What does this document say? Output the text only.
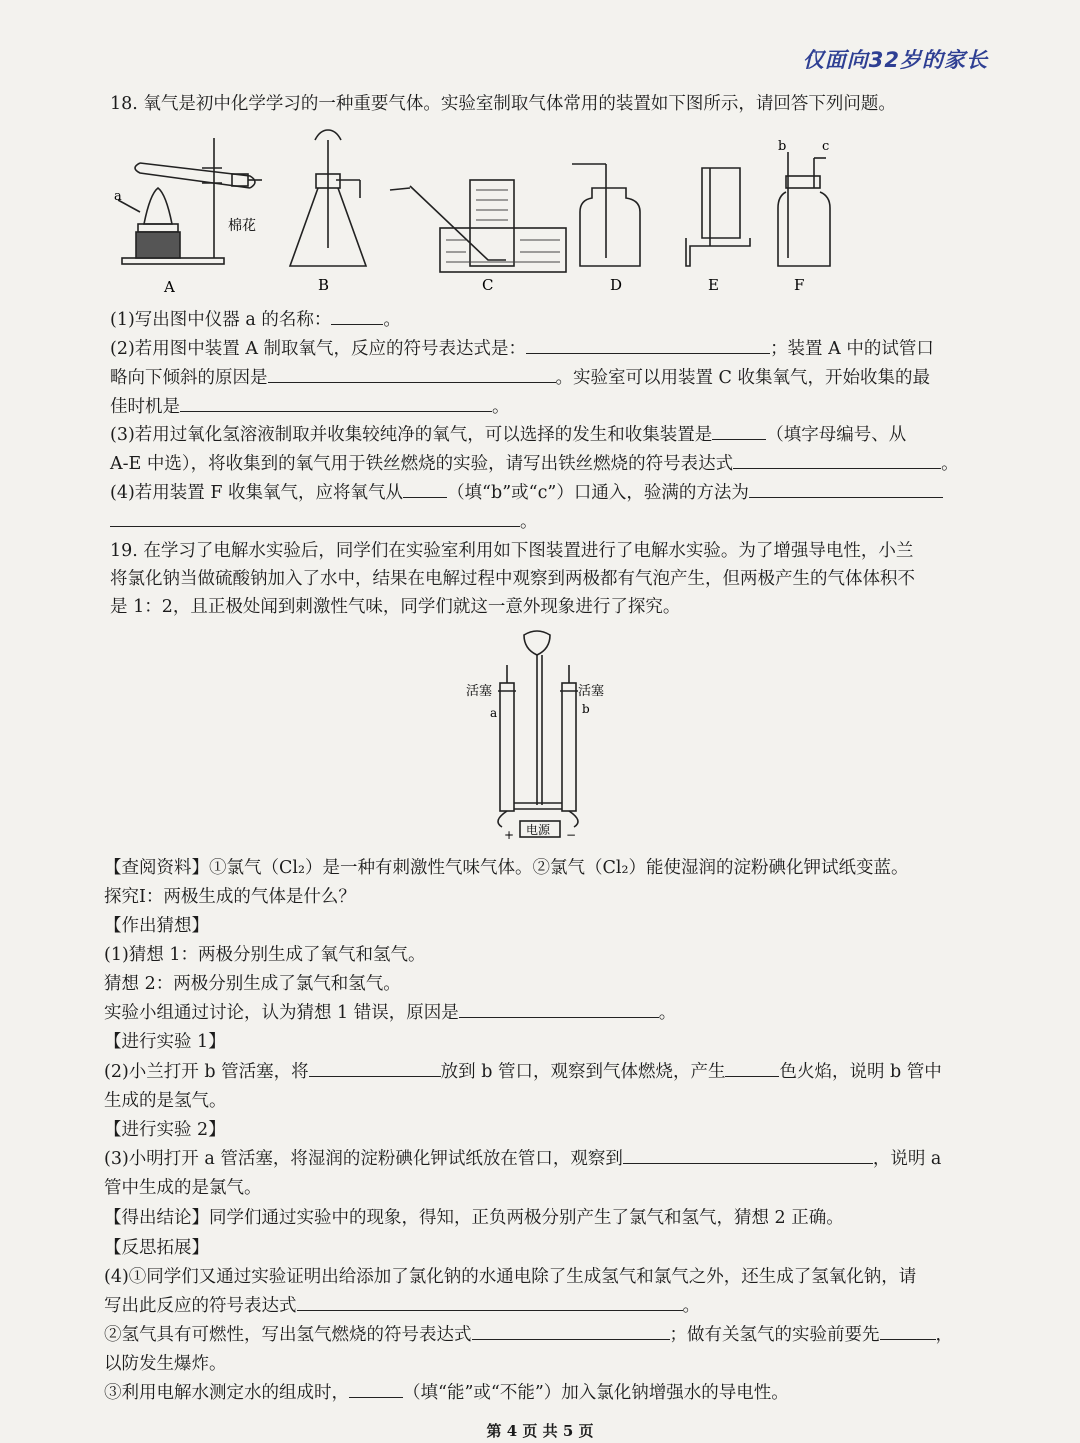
仅面向32岁的家长
18. 氧气是初中化学学习的一种重要气体。实验室制取气体常用的装置如下图所示，请回答下列问题。
a
棉花
A	B	C	D	E	F
b	c
(1)写出图中仪器 a 的名称：	。
(2)若用图中装置 A 制取氧气，反应的符号表达式是：	；装置 A 中的试管口
略向下倾斜的原因是	。实验室可以用装置 C 收集氧气，开始收集的最
佳时机是	。
(3)若用过氧化氢溶液制取并收集较纯净的氧气，可以选择的发生和收集装置是	（填字母编号、从
A-E 中选），将收集到的氧气用于铁丝燃烧的实验，请写出铁丝燃烧的符号表达式	。
(4)若用装置 F 收集氧气，应将氧气从	（填“b”或“c”）口通入，验满的方法为
。
19. 在学习了电解水实验后，同学们在实验室利用如下图装置进行了电解水实验。为了增强导电性，小兰
将氯化钠当做硫酸钠加入了水中，结果在电解过程中观察到两极都有气泡产生，但两极产生的气体体积不
是 1：2，且正极处闻到刺激性气味，同学们就这一意外现象进行了探究。
活塞	活塞
a	b
电源
+	−
【查阅资料】①氯气（Cl₂）是一种有刺激性气味气体。②氯气（Cl₂）能使湿润的淀粉碘化钾试纸变蓝。
探究Ⅰ：两极生成的气体是什么？
【作出猜想】
(1)猜想 1：两极分别生成了氧气和氢气。
猜想 2：两极分别生成了氯气和氢气。
实验小组通过讨论，认为猜想 1 错误，原因是	。
【进行实验 1】
(2)小兰打开 b 管活塞，将	放到 b 管口，观察到气体燃烧，产生	色火焰，说明 b 管中
生成的是氢气。
【进行实验 2】
(3)小明打开 a 管活塞，将湿润的淀粉碘化钾试纸放在管口，观察到	，说明 a
管中生成的是氯气。
【得出结论】同学们通过实验中的现象，得知，正负两极分别产生了氯气和氢气，猜想 2 正确。
【反思拓展】
(4)①同学们又通过实验证明出给添加了氯化钠的水通电除了生成氢气和氯气之外，还生成了氢氧化钠，请
写出此反应的符号表达式	。
②氢气具有可燃性，写出氢气燃烧的符号表达式	；做有关氢气的实验前要先	，
以防发生爆炸。
③利用电解水测定水的组成时，	（填“能”或“不能”）加入氯化钠增强水的导电性。
第 4 页 共 5 页
